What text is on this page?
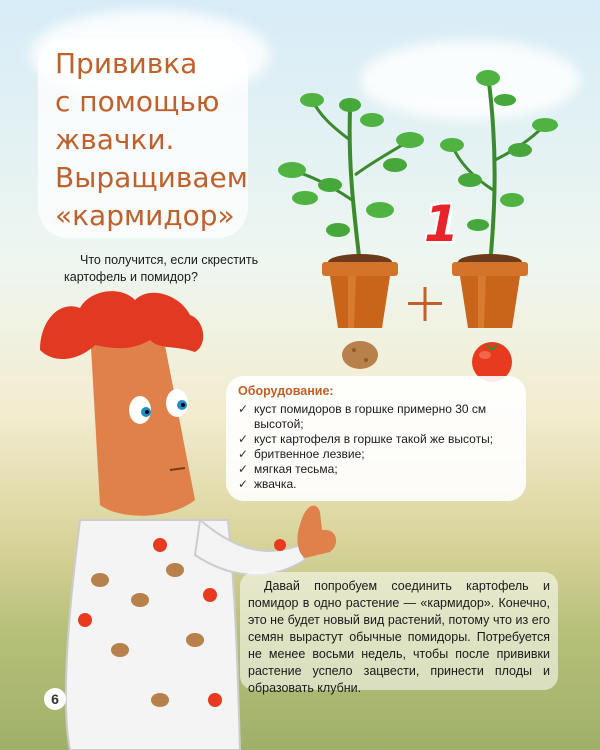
Прививка
с помощью
жвачки.
Выращиваем
«кармидор»
Что получится, если скрестить картофель и помидор?
1
Оборудование:
✓ куст помидоров в горшке примерно 30 см высотой;
✓ куст картофеля в горшке такой же высоты;
✓ бритвенное лезвие;
✓ мягкая тесьма;
✓ жвачка.
Давай попробуем соединить картофель и помидор в одно растение — «кармидор». Конечно, это не будет новый вид растений, потому что из его семян вырастут обычные помидоры. Потребуется не менее восьми недель, чтобы после прививки растение успело зацвести, принести плоды и образовать клубни.
6
